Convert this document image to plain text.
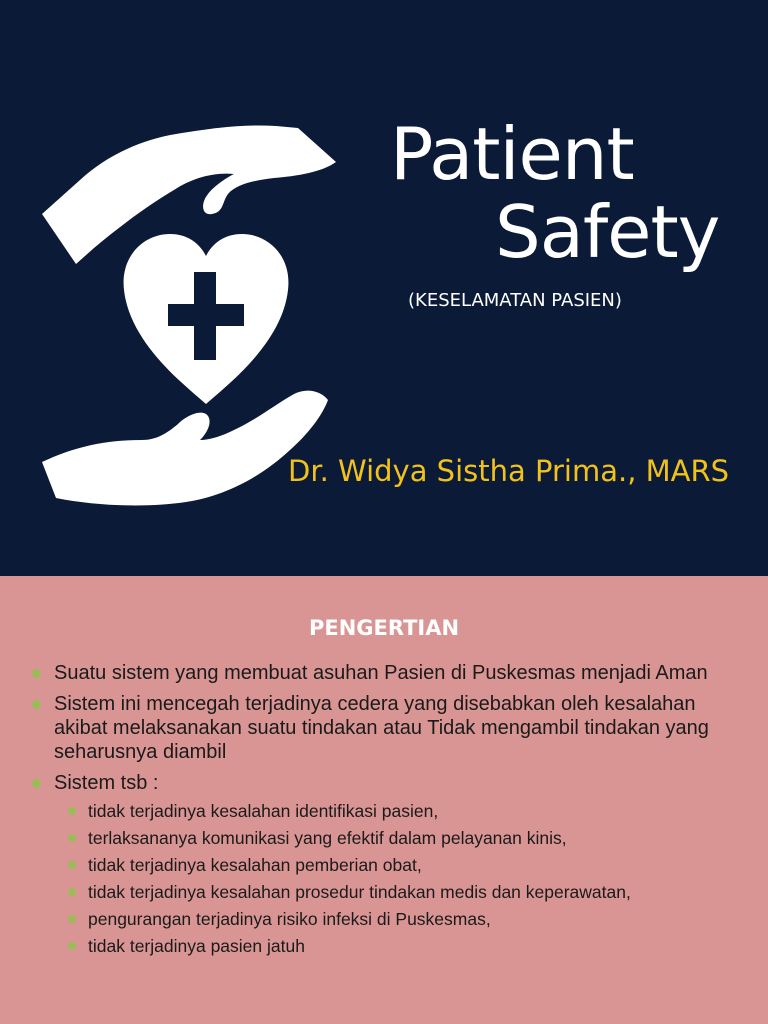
Patient
Safety
(KESELAMATAN PASIEN)
Dr. Widya Sistha Prima., MARS
PENGERTIAN
Suatu sistem yang membuat asuhan Pasien di Puskesmas menjadi Aman
Sistem ini mencegah terjadinya cedera yang disebabkan oleh kesalahan akibat melaksanakan suatu tindakan atau Tidak mengambil tindakan yang seharusnya diambil
Sistem tsb :
tidak terjadinya kesalahan identifikasi pasien,
terlaksananya komunikasi yang efektif dalam pelayanan kinis,
tidak terjadinya kesalahan pemberian obat,
tidak terjadinya kesalahan prosedur tindakan medis dan keperawatan,
pengurangan terjadinya risiko infeksi di Puskesmas,
tidak terjadinya pasien jatuh
